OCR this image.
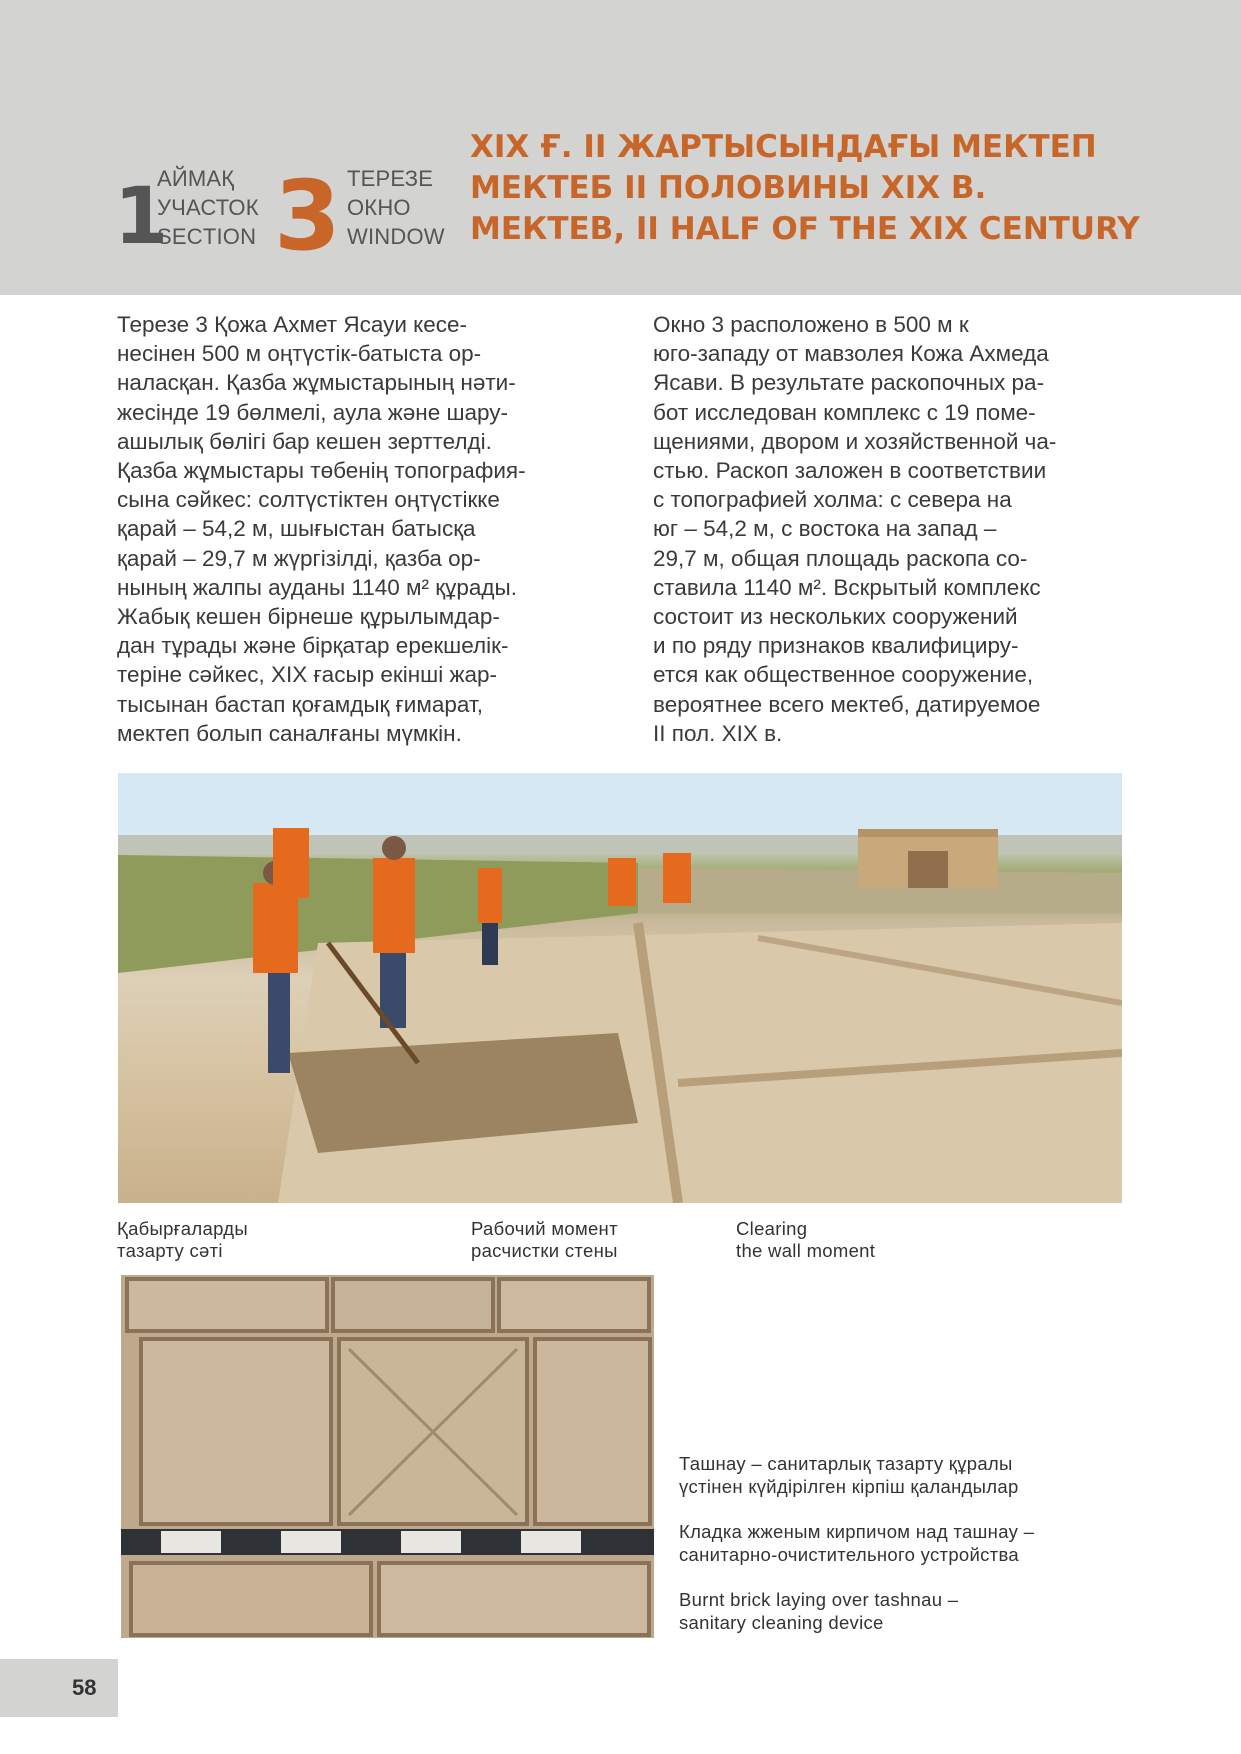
1
АЙМАҚ
УЧАСТОК
SECTION 3 ТЕРЕЗЕ
ОКНО
WINDOW
XIX Ғ. II ЖАРТЫСЫНДАҒЫ МЕКТЕП
МЕКТЕБ II ПОЛОВИНЫ XIX В.
МЕКТЕВ, II HALF OF THE XIX CENTURY
Терезе 3 Қожа Ахмет Ясауи кесе-
несінен 500 м оңтүстік-батыста ор-
наласқан. Қазба жұмыстарының нәти-
жесінде 19 бөлмелі, аула және шару-
ашылық бөлігі бар кешен зерттелді.
Қазба жұмыстары төбенің топография-
сына сәйкес: солтүстіктен оңтүстікке
қарай – 54,2 м, шығыстан батысқа
қарай – 29,7 м жүргізілді, қазба ор-
нының жалпы ауданы 1140 м² құрады.
Жабық кешен бірнеше құрылымдар-
дан тұрады және бірқатар ерекшелік-
теріне сәйкес, XIX ғасыр екінші жар-
тысынан бастап қоғамдық ғимарат,
мектеп болып саналғаны мүмкін.
Окно 3 расположено в 500 м к
юго-западу от мавзолея Кожа Ахмеда
Ясави. В результате раскопочных ра-
бот исследован комплекс с 19 поме-
щениями, двором и хозяйственной ча-
стью. Раскоп заложен в соответствии
с топографией холма: с севера на
юг – 54,2 м, с востока на запад –
29,7 м, общая площадь раскопа со-
ставила 1140 м². Вскрытый комплекс
состоит из нескольких сооружений
и по ряду признаков квалифициру-
ется как общественное сооружение,
вероятнее всего мектеб, датируемое
II пол. XIX в.
Қабырғаларды
тазарту сәті
Рабочий момент
расчистки стены
Clearing
the wall moment

Ташнау – санитарлық тазарту құралы
үстінен күйдірілген кірпіш қаландылар

Кладка жженым кирпичом над ташнау –
санитарно-очистительного устройства

Burnt brick laying over tashnau –
sanitary cleaning device

58
